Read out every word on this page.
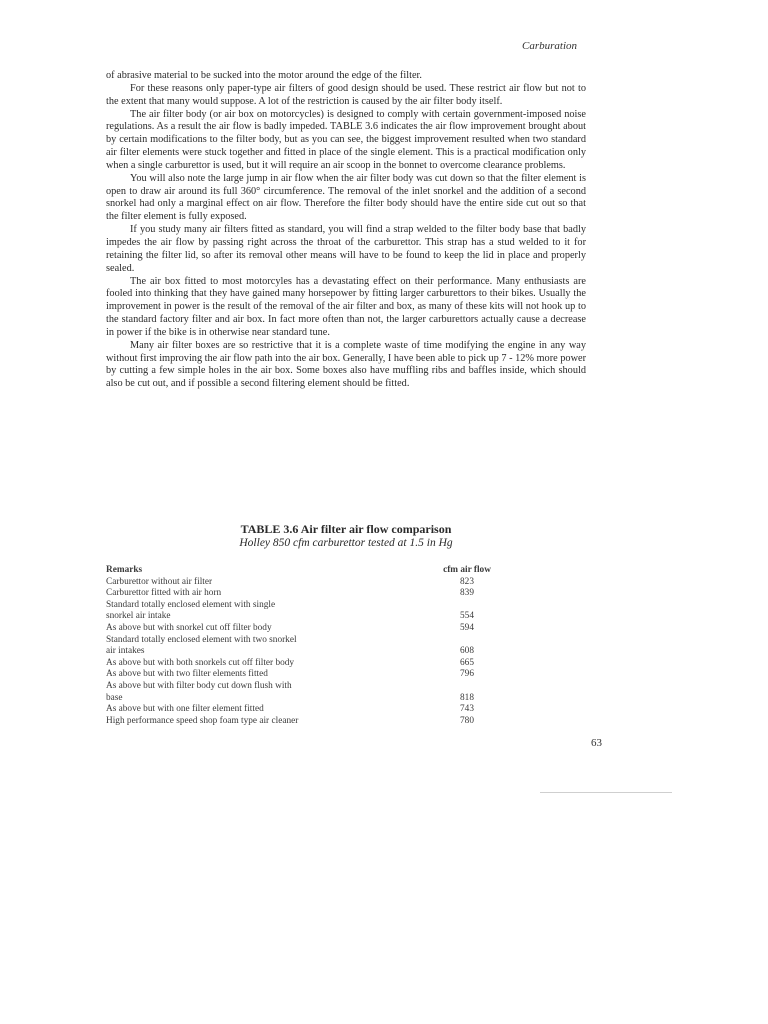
Carburation

of abrasive material to be sucked into the motor around the edge of the filter.

For these reasons only paper-type air filters of good design should be used. These restrict air flow but not to the extent that many would suppose. A lot of the restriction is caused by the air filter body itself.

The air filter body (or air box on motorcycles) is designed to comply with certain government-imposed noise regulations. As a result the air flow is badly impeded. TABLE 3.6 indicates the air flow improvement brought about by certain modifications to the filter body, but as you can see, the biggest improvement resulted when two standard air filter elements were stuck together and fitted in place of the single element. This is a practical modification only when a single carburettor is used, but it will require an air scoop in the bonnet to overcome clearance problems.

You will also note the large jump in air flow when the air filter body was cut down so that the filter element is open to draw air around its full 360° circumference. The removal of the inlet snorkel and the addition of a second snorkel had only a marginal effect on air flow. Therefore the filter body should have the entire side cut out so that the filter element is fully exposed.

If you study many air filters fitted as standard, you will find a strap welded to the filter body base that badly impedes the air flow by passing right across the throat of the carburettor. This strap has a stud welded to it for retaining the filter lid, so after its removal other means will have to be found to keep the lid in place and properly sealed.

The air box fitted to most motorcyles has a devastating effect on their performance. Many enthusiasts are fooled into thinking that they have gained many horsepower by fitting larger carburettors to their bikes. Usually the improvement in power is the result of the removal of the air filter and box, as many of these kits will not hook up to the standard factory filter and air box. In fact more often than not, the larger carburettors actually cause a decrease in power if the bike is in otherwise near standard tune.

Many air filter boxes are so restrictive that it is a complete waste of time modifying the engine in any way without first improving the air flow path into the air box. Generally, I have been able to pick up 7 - 12% more power by cutting a few simple holes in the air box. Some boxes also have muffling ribs and baffles inside, which should also be cut out, and if possible a second filtering element should be fitted.

TABLE 3.6 Air filter air flow comparison
Holley 850 cfm carburettor tested at 1.5 in Hg
Remarks	cfm air flow
Carburettor without air filter	823
Carburettor fitted with air horn	839
Standard totally enclosed element with single
snorkel air intake	554
As above but with snorkel cut off filter body	594
Standard totally enclosed element with two snorkel
air intakes	608
As above but with both snorkels cut off filter body	665
As above but with two filter elements fitted	796
As above but with filter body cut down flush with
base	818
As above but with one filter element fitted	743
High performance speed shop foam type air cleaner	780
63
